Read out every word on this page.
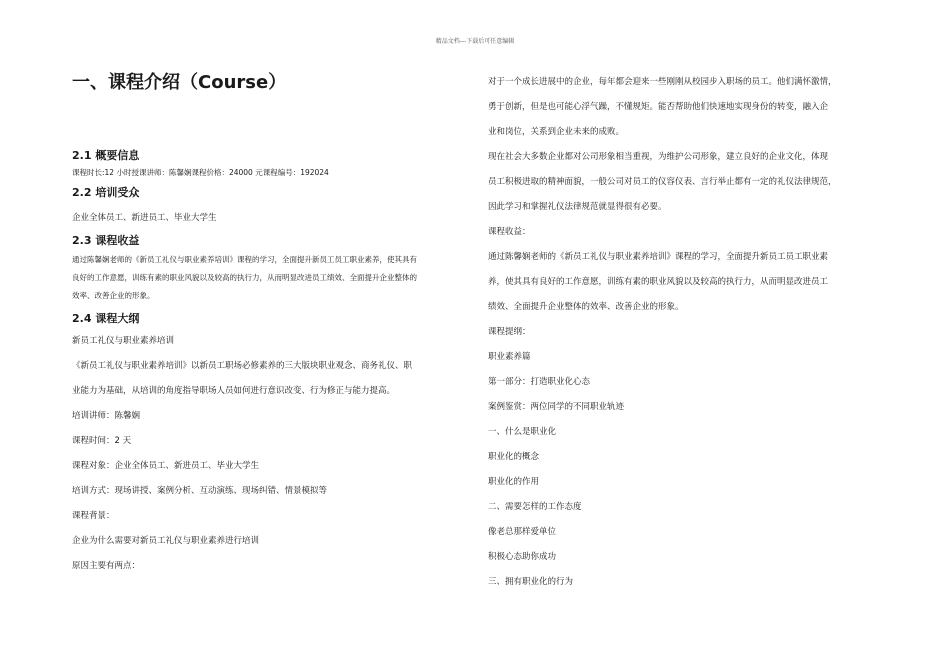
精品文档---下载后可任意编辑
一、课程介绍（Course）
2.1 概要信息

课程时长:12 小时授课讲师：陈馨娴课程价格：24000 元课程编号：192024

2.2 培训受众

企业全体员工、新进员工、毕业大学生

2.3 课程收益

通过陈馨娴老师的《新员工礼仪与职业素养培训》课程的学习，全面提升新员工员工职业素养，使其具有

良好的工作意愿，训练有素的职业风貌以及较高的执行力，从而明显改进员工绩效、全面提升企业整体的

效率、改善企业的形象。

2.4 课程大纲

新员工礼仪与职业素养培训

《新员工礼仪与职业素养培训》以新员工职场必修素养的三大版块职业观念、商务礼仪、职

业能力为基础，从培训的角度指导职场人员如何进行意识改变、行为修正与能力提高。

培训讲师：陈馨娴

课程时间：2 天

课程对象：企业全体员工、新进员工、毕业大学生

培训方式：现场讲授、案例分析、互动演练、现场纠错、情景模拟等

课程背景：

企业为什么需要对新员工礼仪与职业素养进行培训

原因主要有两点：

对于一个成长进展中的企业，每年都会迎来一些刚刚从校园步入职场的员工。他们满怀激情，

勇于创新，但是也可能心浮气躁，不懂规矩。能否帮助他们快速地实现身份的转变，融入企

业和岗位，关系到企业未来的成败。

现在社会大多数企业都对公司形象相当重视，为维护公司形象，建立良好的企业文化，体现

员工积极进取的精神面貌，一般公司对员工的仪容仪表、言行举止都有一定的礼仪法律规范，

因此学习和掌握礼仪法律规范就显得很有必要。

课程收益：

通过陈馨娴老师的《新员工礼仪与职业素养培训》课程的学习，全面提升新员工员工职业素

养，使其具有良好的工作意愿，训练有素的职业风貌以及较高的执行力，从而明显改进员工

绩效、全面提升企业整体的效率、改善企业的形象。

课程提纲：

职业素养篇

第一部分：打造职业化心态

案例鉴赏：两位同学的不同职业轨迹

一、什么是职业化

职业化的概念

职业化的作用

二、需要怎样的工作态度

像老总那样爱单位

积极心态助你成功

三、拥有职业化的行为
